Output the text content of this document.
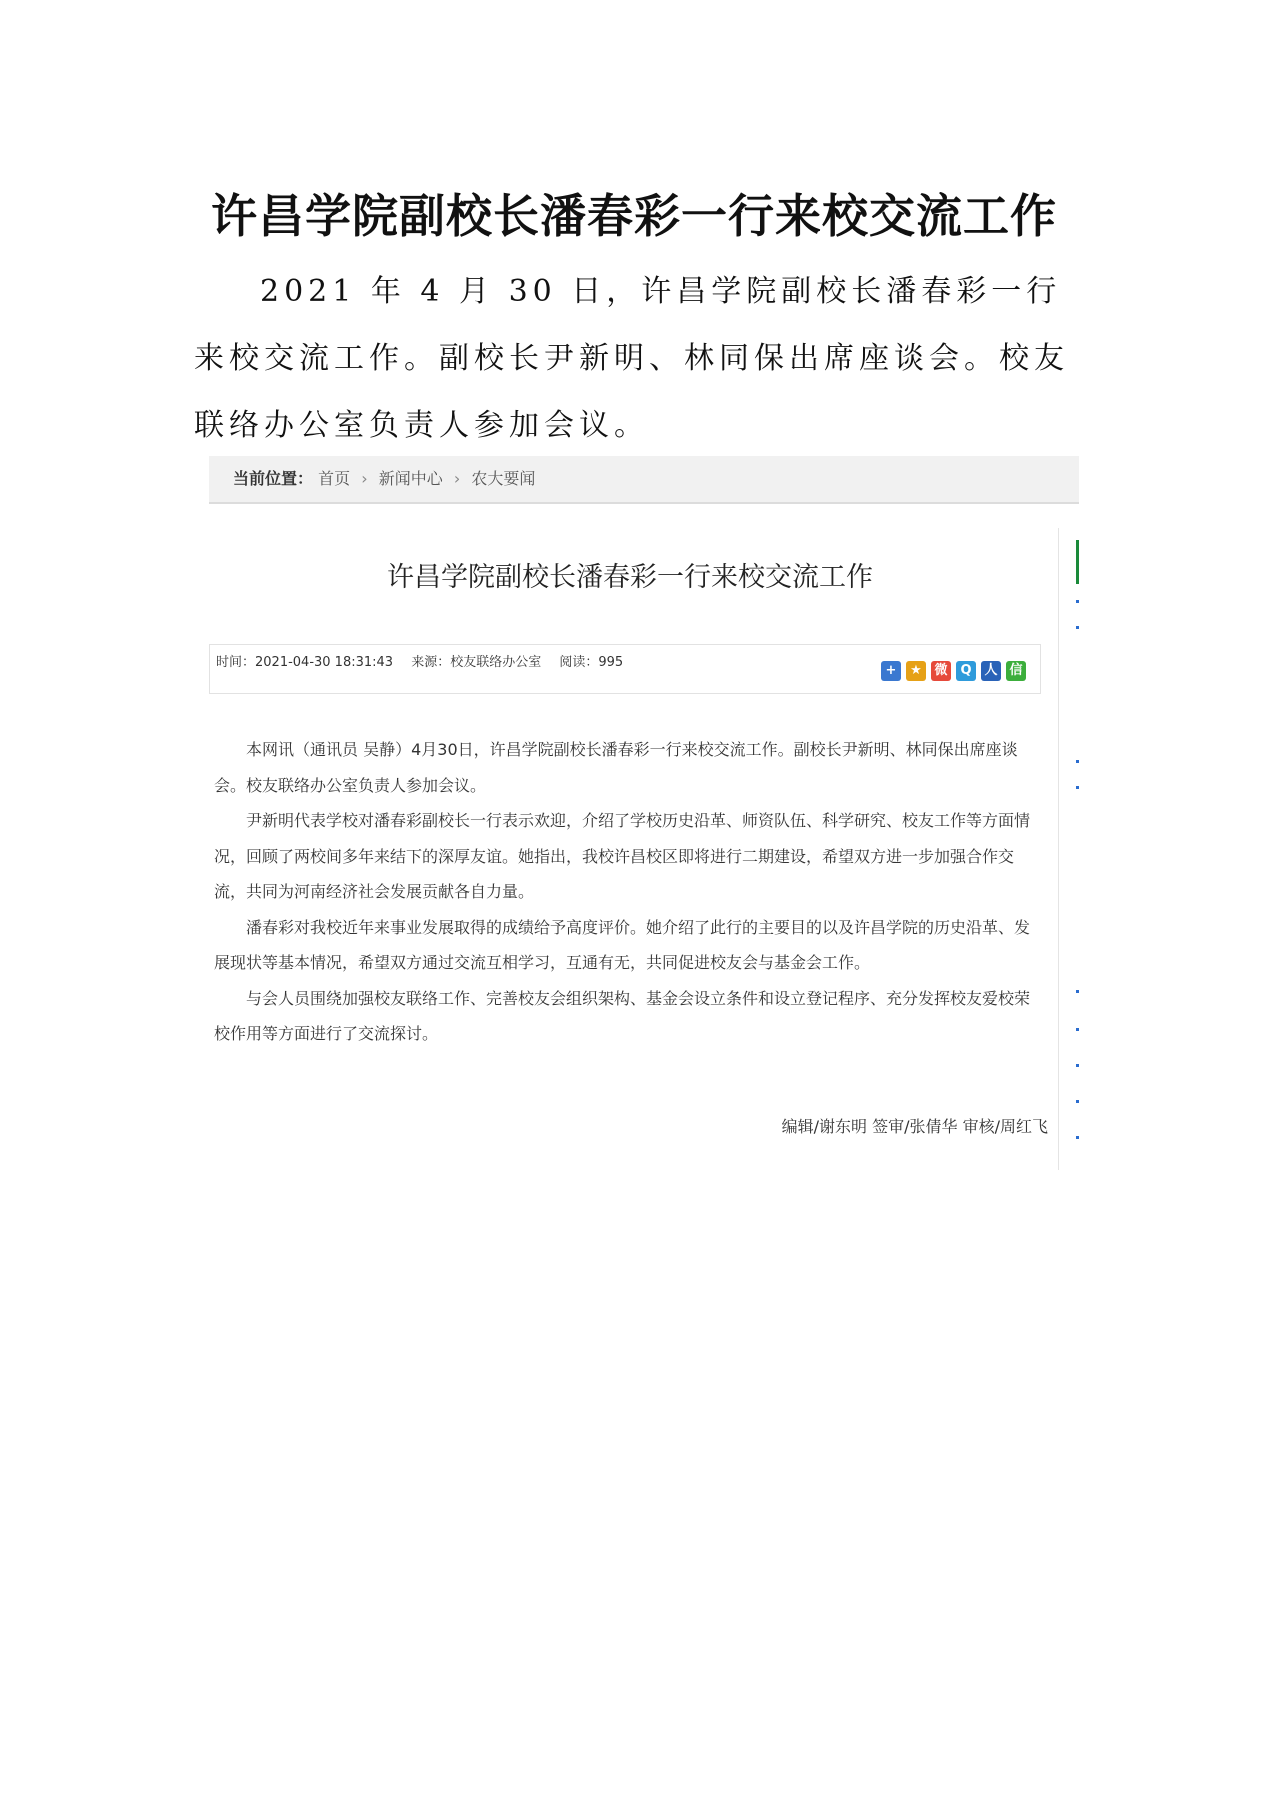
许昌学院副校长潘春彩一行来校交流工作

2021 年 4 月 30 日，许昌学院副校长潘春彩一行来校交流工作。副校长尹新明、林同保出席座谈会。校友联络办公室负责人参加会议。

当前位置： 首页 › 新闻中心 › 农大要闻
许昌学院副校长潘春彩一行来校交流工作
时间：2021-04-30 18:31:43 来源：校友联络办公室 阅读：995
+	★ 微 Q 人 信

本网讯（通讯员 吴静）4月30日，许昌学院副校长潘春彩一行来校交流工作。副校长尹新明、林同保出席座谈会。校友联络办公室负责人参加会议。

尹新明代表学校对潘春彩副校长一行表示欢迎，介绍了学校历史沿革、师资队伍、科学研究、校友工作等方面情况，回顾了两校间多年来结下的深厚友谊。她指出，我校许昌校区即将进行二期建设，希望双方进一步加强合作交流，共同为河南经济社会发展贡献各自力量。

潘春彩对我校近年来事业发展取得的成绩给予高度评价。她介绍了此行的主要目的以及许昌学院的历史沿革、发展现状等基本情况，希望双方通过交流互相学习，互通有无，共同促进校友会与基金会工作。

与会人员围绕加强校友联络工作、完善校友会组织架构、基金会设立条件和设立登记程序、充分发挥校友爱校荣校作用等方面进行了交流探讨。

编辑/谢东明 签审/张倩华 审核/周红飞
